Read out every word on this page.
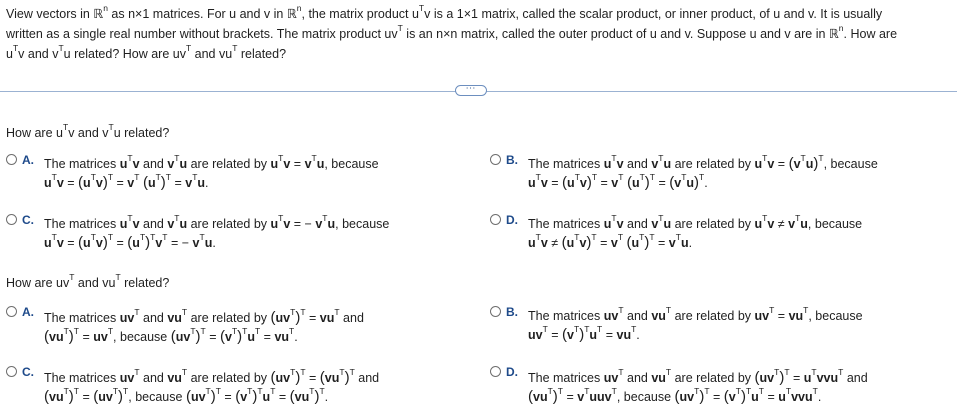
View vectors in ℝ$^n$ as n×1 matrices. For u and v in ℝ$^n$, the matrix product $u^Tv$ is a 1×1 matrix, called the scalar product, or inner product, of u and v. It is usually
written as a single real number without brackets. The matrix product $uv^T$ is an n×n matrix, called the outer product of u and v. Suppose u and v are in ℝ$^n$. How are
$u^Tv$ and $v^Tu$ related? How are $uv^T$ and $vu^T$ related?
⋯
How are $u^Tv$ and $v^Tu$ related?
A. The matrices $u^Tv$ and $v^Tu$ are related by $u^Tv = v^Tu$, because
$u^Tv = (u^Tv)^T = v^T$ $(u^T)^T = v^Tu$.
B. The matrices $u^Tv$ and $v^Tu$ are related by $u^Tv = (v^Tu)^T$, because
$u^Tv = (u^Tv)^T = v^T$ $(u^T)^T = (v^Tu)^T$.
C. The matrices $u^Tv$ and $v^Tu$ are related by $u^Tv$ = − $v^Tu$, because
$u^Tv = (u^Tv)^T = (u^T)^Tv^T$ = − $v^Tu$.
D. The matrices $u^Tv$ and $v^Tu$ are related by $u^Tv \ne v^Tu$, because
$u^Tv \ne (u^Tv)^T = v^T$ $(u^T)^T = v^Tu$.
How are $uv^T$ and $vu^T$ related?
A. The matrices $uv^T$ and $vu^T$ are related by $(uv^T)^T = vu^T$ and
$(vu^T)^T = uv^T$, because $(uv^T)^T = (v^T)^Tu^T = vu^T$.
B. The matrices $uv^T$ and $vu^T$ are related by $uv^T = vu^T$, because
$uv^T = (v^T)^Tu^T = vu^T$.
C. The matrices $uv^T$ and $vu^T$ are related by $(uv^T)^T = (vu^T)^T$ and
$(vu^T)^T = (uv^T)^T$, because $(uv^T)^T = (v^T)^Tu^T = (vu^T)^T$.
D. The matrices $uv^T$ and $vu^T$ are related by $(uv^T)^T = u^Tvvu^T$ and
$(vu^T)^T = v^Tuuv^T$, because $(uv^T)^T = (v^T)^Tu^T = u^Tvvu^T$.
